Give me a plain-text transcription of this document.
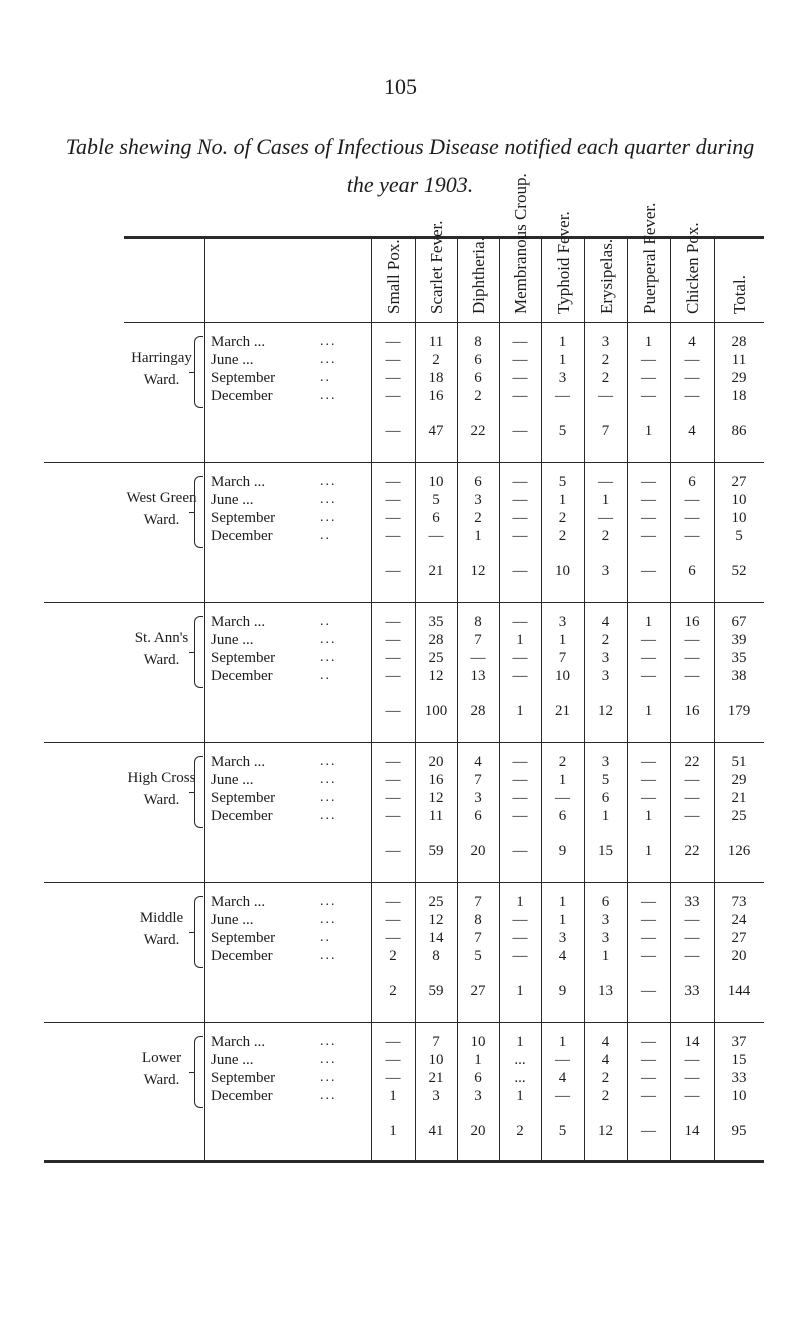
105
Table shewing No. of Cases of Infectious Disease notified each quarter during
the year 1903.
Small Pox. Scarlet Fever. Diphtheria. Membranous Croup. Typhoid Fever. Erysipelas. Puerperal Fever. Chicken Pox. Total.
Harringay
Ward.
March ...	...	—	11	8	—	1	3	1	4	28
June ...	...	—	2	6	—	1	2	—	—	11
September	..	—	18	6	—	3	2	—	—	29
December	...	—	16	2	—	—	—	—	—	18
—	47	22	—	5	7	1	4	86
West Green
Ward.
March ...	...	—	10	6	—	5	—	—	6	27
June ...	...	—	5	3	—	1	1	—	—	10
September	...	—	6	2	—	2	—	—	—	10
December	..	—	—	1	—	2	2	—	—	5
—	21	12	—	10	3	—	6	52
St. Ann's
Ward.
March ...	..	—	35	8	—	3	4	1	16	67
June ...	...	—	28	7	1	1	2	—	—	39
September	...	—	25	—	—	7	3	—	—	35
December	..	—	12	13	—	10	3	—	—	38
—	100	28	1	21	12	1	16	179
High Cross
Ward.
March ...	...	—	20	4	—	2	3	—	22	51
June ...	...	—	16	7	—	1	5	—	—	29
September	...	—	12	3	—	—	6	—	—	21
December	...	—	11	6	—	6	1	1	—	25
—	59	20	—	9	15	1	22	126
Middle
Ward.
March ...	...	—	25	7	1	1	6	—	33	73
June ...	...	—	12	8	—	1	3	—	—	24
September	..	—	14	7	—	3	3	—	—	27
December	...	2	8	5	—	4	1	—	—	20
2	59	27	1	9	13	—	33	144
Lower
Ward.
March ...	...	—	7	10	1	1	4	—	14	37
June ...	...	—	10	1	...	—	4	—	—	15
September	...	—	21	6	...	4	2	—	—	33
December	...	1	3	3	1	—	2	—	—	10
1	41	20	2	5	12	—	14	95
